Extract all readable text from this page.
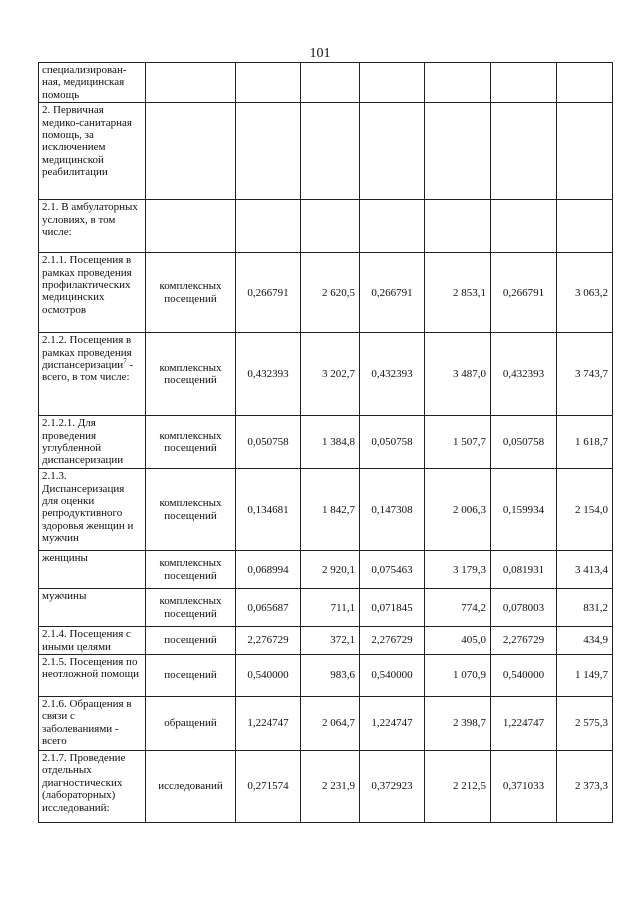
101
специализирован-ная, медицинская помощь							
2. Первичная медико-санитарная помощь, за исключением медицинской реабилитации							
2.1. В амбулаторных условиях, в том числе:							
2.1.1. Посещения в рамках проведения профилактических медицинских осмотров	комплексных посещений	0,266791	2 620,5	0,266791	2 853,1	0,266791	3 063,2
2.1.2. Посещения в рамках проведения диспансеризации$^7$ - всего, в том числе:	комплексных посещений	0,432393	3 202,7	0,432393	3 487,0	0,432393	3 743,7
2.1.2.1. Для проведения углубленной диспансеризации	комплексных посещений	0,050758	1 384,8	0,050758	1 507,7	0,050758	1 618,7
2.1.3. Диспансеризация для оценки репродуктивного здоровья женщин и мужчин	комплексных посещений	0,134681	1 842,7	0,147308	2 006,3	0,159934	2 154,0
женщины	комплексных посещений	0,068994	2 920,1	0,075463	3 179,3	0,081931	3 413,4
мужчины	комплексных посещений	0,065687	711,1	0,071845	774,2	0,078003	831,2
2.1.4. Посещения с иными целями	посещений	2,276729	372,1	2,276729	405,0	2,276729	434,9
2.1.5. Посещения по неотложной помощи	посещений	0,540000	983,6	0,540000	1 070,9	0,540000	1 149,7
2.1.6. Обращения в связи с заболеваниями - всего	обращений	1,224747	2 064,7	1,224747	2 398,7	1,224747	2 575,3
2.1.7. Проведение отдельных диагностических (лабораторных) исследований:	исследований	0,271574	2 231,9	0,372923	2 212,5	0,371033	2 373,3
